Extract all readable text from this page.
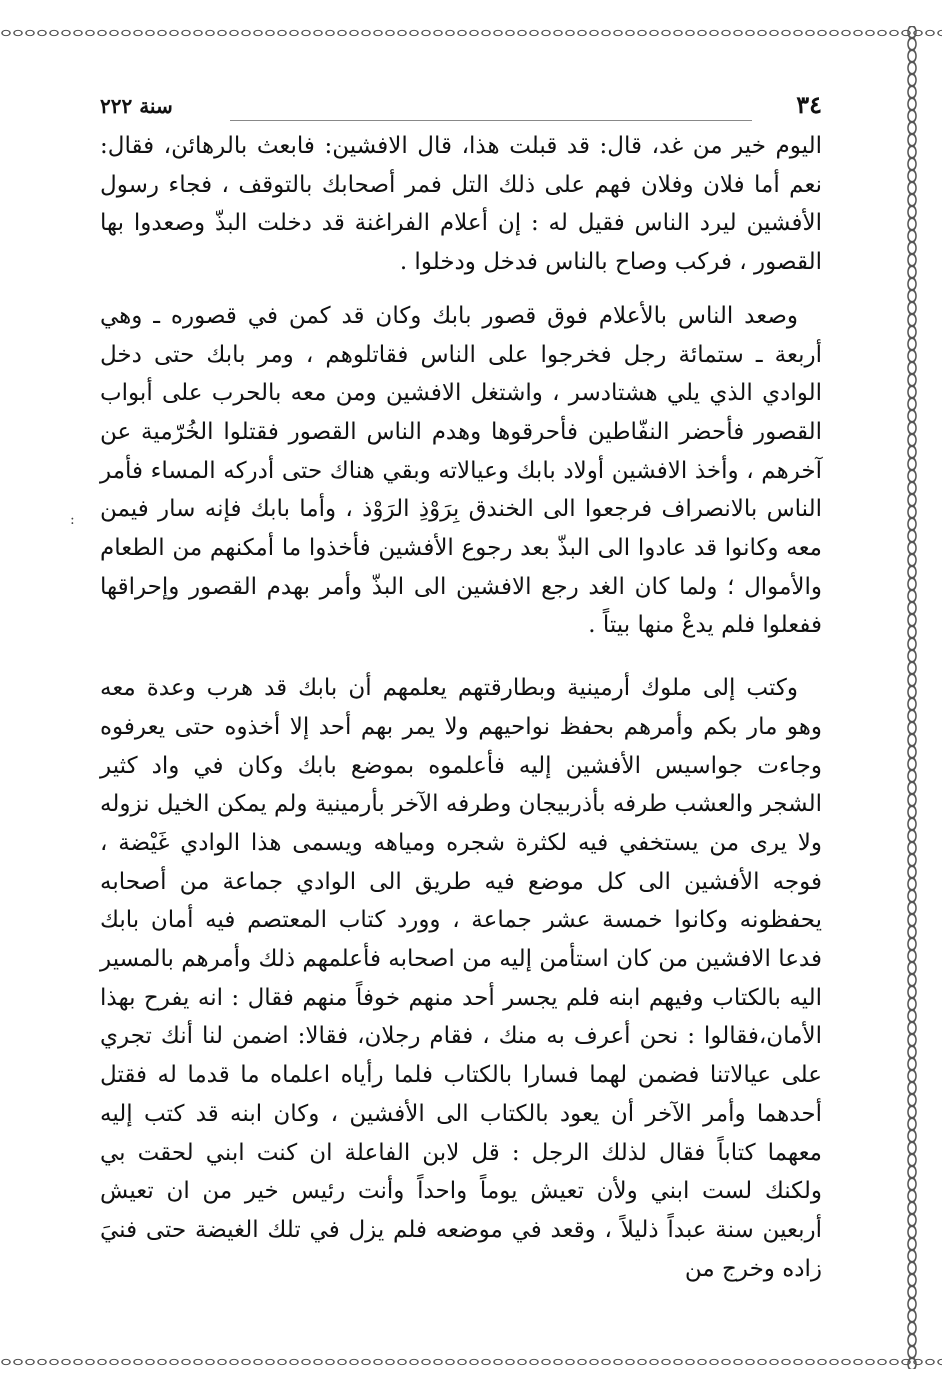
٣٤
سنة ٢٢٢

اليوم خير من غد، قال: قد قبلت هذا، قال الافشين: فابعث بالرهائن، فقال: نعم أما فلان وفلان فهم على ذلك التل فمر أصحابك بالتوقف ، فجاء رسول الأفشين ليرد الناس فقيل له : إن أعلام الفراغنة قد دخلت البذّ وصعدوا بها القصور ، فركب وصاح بالناس فدخل ودخلوا .

وصعد الناس بالأعلام فوق قصور بابك وكان قد كمن في قصوره ـ وهي أربعة ـ ستمائة رجل فخرجوا على الناس فقاتلوهم ، ومر بابك حتى دخل الوادي الذي يلي هشتادسر ، واشتغل الافشين ومن معه بالحرب على أبواب القصور فأحضر النفّاطين فأحرقوها وهدم الناس القصور فقتلوا الخُرّمية عن آخرهم ، وأخذ الافشين أولاد بابك وعيالاته وبقي هناك حتى أدركه المساء فأمر الناس بالانصراف فرجعوا الى الخندق بِرَوْذِ الرَوْذ ، وأما بابك فإنه سار فيمن معه وكانوا قد عادوا الى البذّ بعد رجوع الأفشين فأخذوا ما أمكنهم من الطعام والأموال ؛ ولما كان الغد رجع الافشين الى البذّ وأمر بهدم القصور وإحراقها ففعلوا فلم يدعْ منها بيتاً .

وكتب إلى ملوك أرمينية وبطارقتهم يعلمهم أن بابك قد هرب وعدة معه وهو مار بكم وأمرهم بحفظ نواحيهم ولا يمر بهم أحد إلا أخذوه حتى يعرفوه وجاءت جواسيس الأفشين إليه فأعلموه بموضع بابك وكان في واد كثير الشجر والعشب طرفه بأذربيجان وطرفه الآخر بأرمينية ولم يمكن الخيل نزوله ولا يرى من يستخفي فيه لكثرة شجره ومياهه ويسمى هذا الوادي غَيْضة ، فوجه الأفشين الى كل موضع فيه طريق الى الوادي جماعة من أصحابه يحفظونه وكانوا خمسة عشر جماعة ، وورد كتاب المعتصم فيه أمان بابك فدعا الافشين من كان استأمن إليه من اصحابه فأعلمهم ذلك وأمرهم بالمسير اليه بالكتاب وفيهم ابنه فلم يجسر أحد منهم خوفاً منهم فقال : انه يفرح بهذا الأمان،فقالوا : نحن أعرف به منك ، فقام رجلان، فقالا: اضمن لنا أنك تجري على عيالاتنا فضمن لهما فسارا بالكتاب فلما رأياه اعلماه ما قدما له فقتل أحدهما وأمر الآخر أن يعود بالكتاب الى الأفشين ، وكان ابنه قد كتب إليه معهما كتاباً فقال لذلك الرجل : قل لابن الفاعلة ان كنت ابني لحقت بي ولكنك لست ابني ولأن تعيش يوماً واحداً وأنت رئيس خير من ان تعيش أربعين سنة عبداً ذليلاً ، وقعد في موضعه فلم يزل في تلك الغيضة حتى فنيَ زاده وخرج من

:
